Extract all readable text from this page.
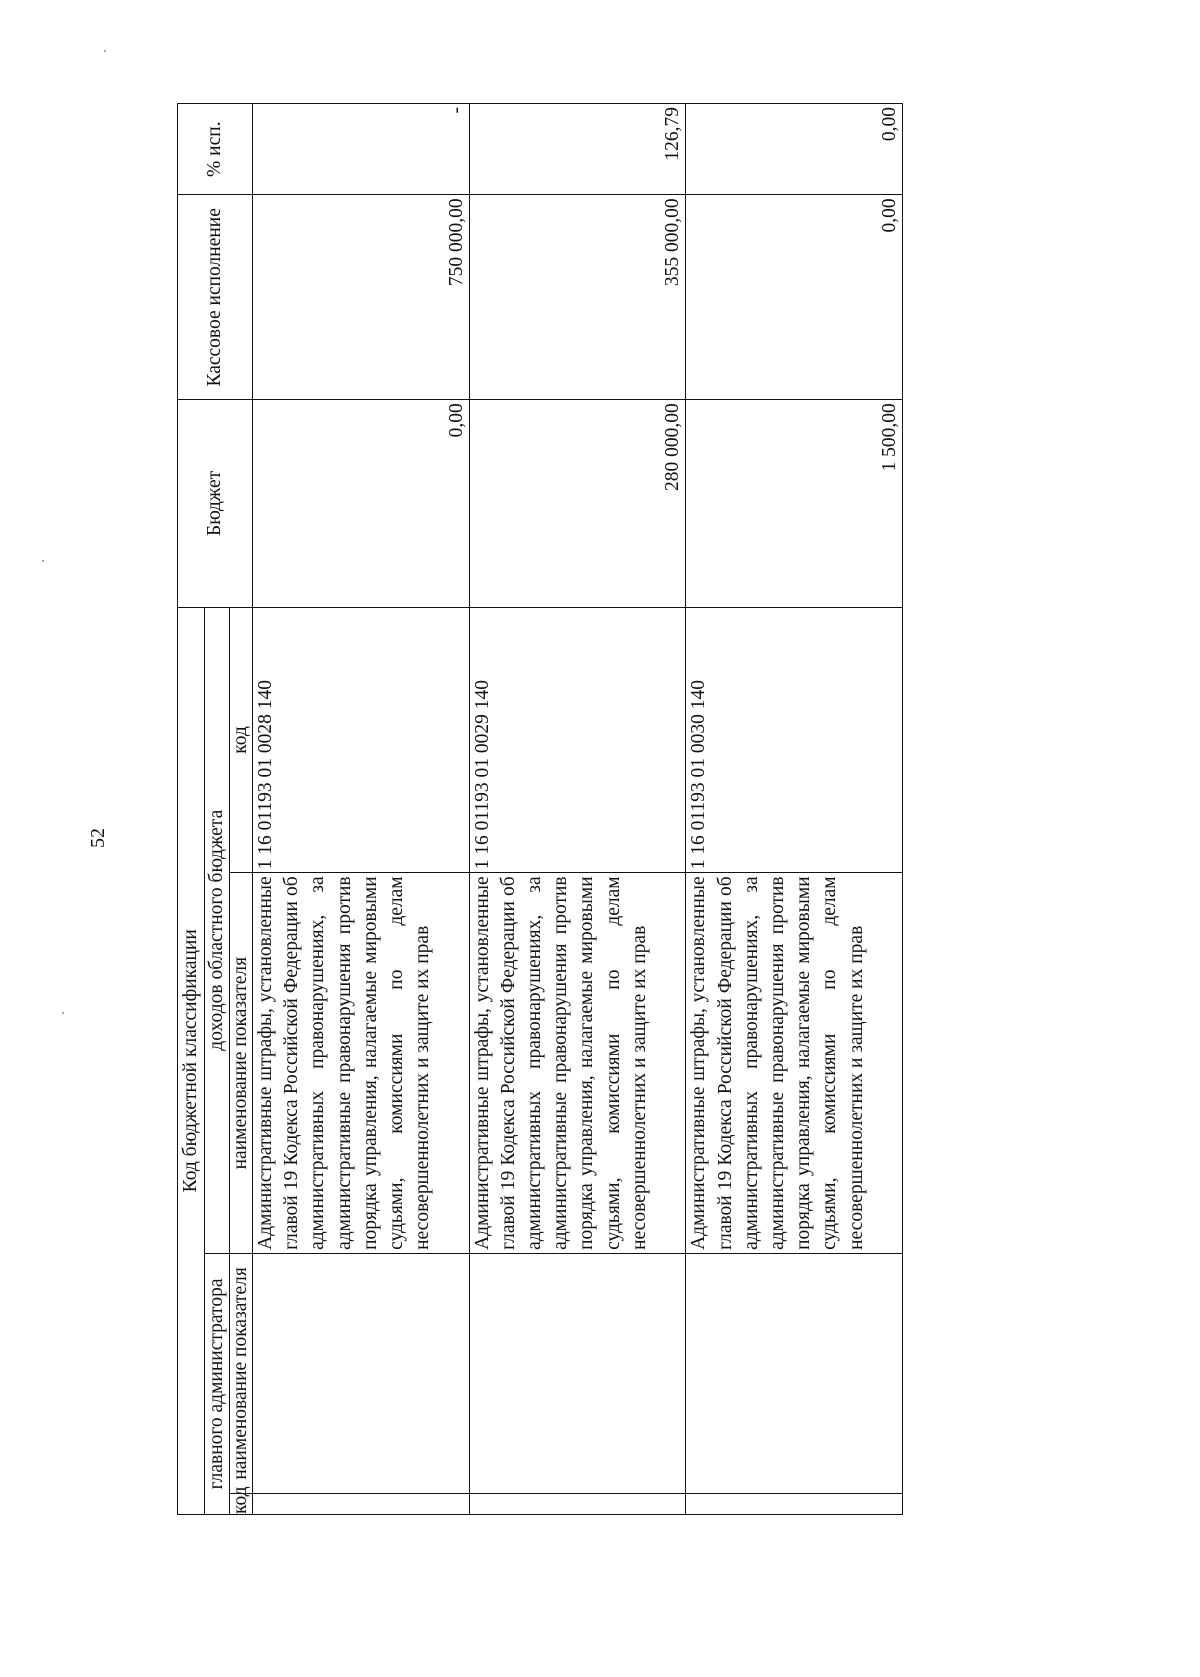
52
Код бюджетной классификации				Бюджет	Кассовое исполнение	% исп.
главного администратора		доходов областного бюджета				
код	наименование показателя	наименование показателя	код			
		Административные штрафы, установленные главой 19 Кодекса Российской Федерации об административных правонарушениях, за административные правонарушения против порядка управления, налагаемые мировыми судьями, комиссиями по делам несовершеннолетних и защите их прав	1 16 01193 01 0028 140	0,00	750 000,00	-
		Административные штрафы, установленные главой 19 Кодекса Российской Федерации об административных правонарушениях, за административные правонарушения против порядка управления, налагаемые мировыми судьями, комиссиями по делам несовершеннолетних и защите их прав	1 16 01193 01 0029 140	280 000,00	355 000,00	126,79
		Административные штрафы, установленные главой 19 Кодекса Российской Федерации об административных правонарушениях, за административные правонарушения против порядка управления, налагаемые мировыми судьями, комиссиями по делам несовершеннолетних и защите их прав	1 16 01193 01 0030 140	1 500,00	0,00	0,00
